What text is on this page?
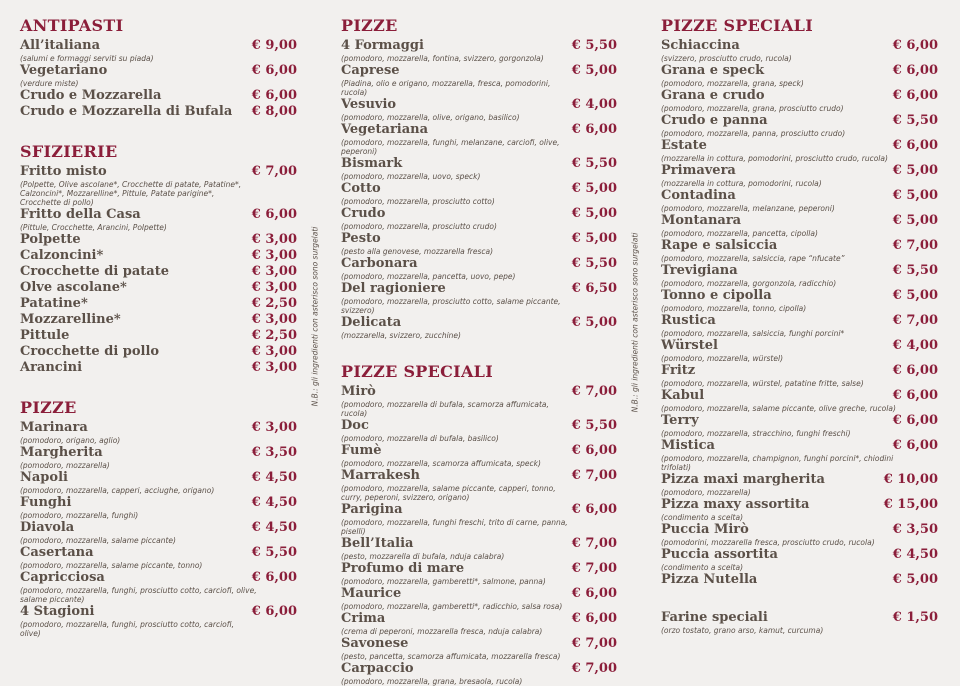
ANTIPASTI
All’italiana	€ 9,00
(salumi e formaggi serviti su piada)
Vegetariano	€ 6,00
(verdure miste)
Crudo e Mozzarella	€ 6,00
Crudo e Mozzarella di Bufala € 8,00
SFIZIERIE
Fritto misto	€ 7,00
(Polpette, Olive ascolane*, Crocchette di patate, Patatine*, Calzoncini*, Mozzarelline*, Pittule, Patate parigine*, Crocchette di pollo)
Fritto della Casa	€ 6,00
(Pittule, Crocchette, Arancini, Polpette)
Polpette	€ 3,00
Calzoncini*	€ 3,00
Crocchette di patate	€ 3,00
Olve ascolane*	€ 3,00
Patatine*	€ 2,50
Mozzarelline*	€ 3,00
Pittule	€ 2,50
Crocchette di pollo	€ 3,00
Arancini	€ 3,00
PIZZE
Marinara	€ 3,00
(pomodoro, origano, aglio)
Margherita	€ 3,50
(pomodoro, mozzarella)
Napoli	€ 4,50
(pomodoro, mozzarella, capperi, acciughe, origano)
Funghi	€ 4,50
(pomodoro, mozzarella, funghi)
Diavola	€ 4,50
(pomodoro, mozzarella, salame piccante)
Casertana	€ 5,50
(pomodoro, mozzarella, salame piccante, tonno)
Capricciosa	€ 6,00
(pomodoro, mozzarella, funghi, prosciutto cotto, carciofi, olive, salame piccante)
4 Stagioni	€ 6,00
(pomodoro, mozzarella, funghi, prosciutto cotto, carciofi, olive)
PIZZE
4 Formaggi	€ 5,50
(pomodoro, mozzarella, fontina, svizzero, gorgonzola)
Caprese	€ 5,00
(Piadina, olio e origano, mozzarella, fresca, pomodorini, rucola)
Vesuvio	€ 4,00
(pomodoro, mozzarella, olive, origano, basilico)
Vegetariana	€ 6,00
(pomodoro, mozzarella, funghi, melanzane, carciofi, olive, peperoni)
Bismark	€ 5,50
(pomodoro, mozzarella, uovo, speck)
Cotto	€ 5,00
(pomodoro, mozzarella, prosciutto cotto)
Crudo	€ 5,00
(pomodoro, mozzarella, prosciutto crudo)
Pesto	€ 5,00
(pesto alla genovese, mozzarella fresca)
Carbonara	€ 5,50
(pomodoro, mozzarella, pancetta, uovo, pepe)
Del ragioniere	€ 6,50
(pomodoro, mozzarella, prosciutto cotto, salame piccante, svizzero)
Delicata	€ 5,00
(mozzarella, svizzero, zucchine)
PIZZE SPECIALI
Mirò	€ 7,00
(pomodoro, mozzarella di bufala, scamorza affumicata, rucola)
Doc	€ 5,50
(pomodoro, mozzarella di bufala, basilico)
Fumè	€ 6,00
(pomodoro, mozzarella, scamorza affumicata, speck)
Marrakesh	€ 7,00
(pomodoro, mozzarella, salame piccante, capperi, tonno, curry, peperoni, svizzero, origano)
Parigina	€ 6,00
(pomodoro, mozzarella, funghi freschi, trito di carne, panna, piselli)
Bell’Italia	€ 7,00
(pesto, mozzarella di bufala, nduja calabra)
Profumo di mare	€ 7,00
(pomodoro, mozzarella, gamberetti*, salmone, panna)
Maurice	€ 6,00
(pomodoro, mozzarella, gamberetti*, radicchio, salsa rosa)
Crima	€ 6,00
(crema di peperoni, mozzarella fresca, nduja calabra)
Savonese	€ 7,00
(pesto, pancetta, scamorza affumicata, mozzarella fresca)
Carpaccio	€ 7,00
(pomodoro, mozzarella, grana, bresaola, rucola)
PIZZE SPECIALI
Schiaccina	€ 6,00
(svizzero, prosciutto crudo, rucola)
Grana e speck	€ 6,00
(pomodoro, mozzarella, grana, speck)
Grana e crudo	€ 6,00
(pomodoro, mozzarella, grana, prosciutto crudo)
Crudo e panna	€ 5,50
(pomodoro, mozzarella, panna, prosciutto crudo)
Estate	€ 6,00
(mozzarella in cottura, pomodorini, prosciutto crudo, rucola)
Primavera	€ 5,00
(mozzarella in cottura, pomodorini, rucola)
Contadina	€ 5,00
(pomodoro, mozzarella, melanzane, peperoni)
Montanara	€ 5,00
(pomodoro, mozzarella, pancetta, cipolla)
Rape e salsiccia	€ 7,00
(pomodoro, mozzarella, salsiccia, rape “nfucate”
Trevigiana	€ 5,50
(pomodoro, mozzarella, gorgonzola, radicchio)
Tonno e cipolla	€ 5,00
(pomodoro, mozzarella, tonno, cipolla)
Rustica	€ 7,00
(pomodoro, mozzarella, salsiccia, funghi porcini*
Würstel	€ 4,00
(pomodoro, mozzarella, würstel)
Fritz	€ 6,00
(pomodoro, mozzarella, würstel, patatine fritte, salse)
Kabul	€ 6,00
(pomodoro, mozzarella, salame piccante, olive greche, rucola)
Terry	€ 6,00
(pomodoro, mozzarella, stracchino, funghi freschi)
Mistica	€ 6,00
(pomodoro, mozzarella, champignon, funghi porcini*, chiodini trifolati)
Pizza maxi margherita	€ 10,00
(pomodoro, mozzarella)
Pizza maxy assortita	€ 15,00
(condimento a scelta)
Puccia Mirò	€ 3,50
(pomodorini, mozzarella fresca, prosciutto crudo, rucola)
Puccia assortita	€ 4,50
(condimento a scelta)
Pizza Nutella	€ 5,00
Farine speciali	€ 1,50
(orzo tostato, grano arso, kamut, curcuma)
N.B.: gli ingredienti con asterisco sono surgelati	N.B.: gli ingredienti con asterisco sono surgelati
